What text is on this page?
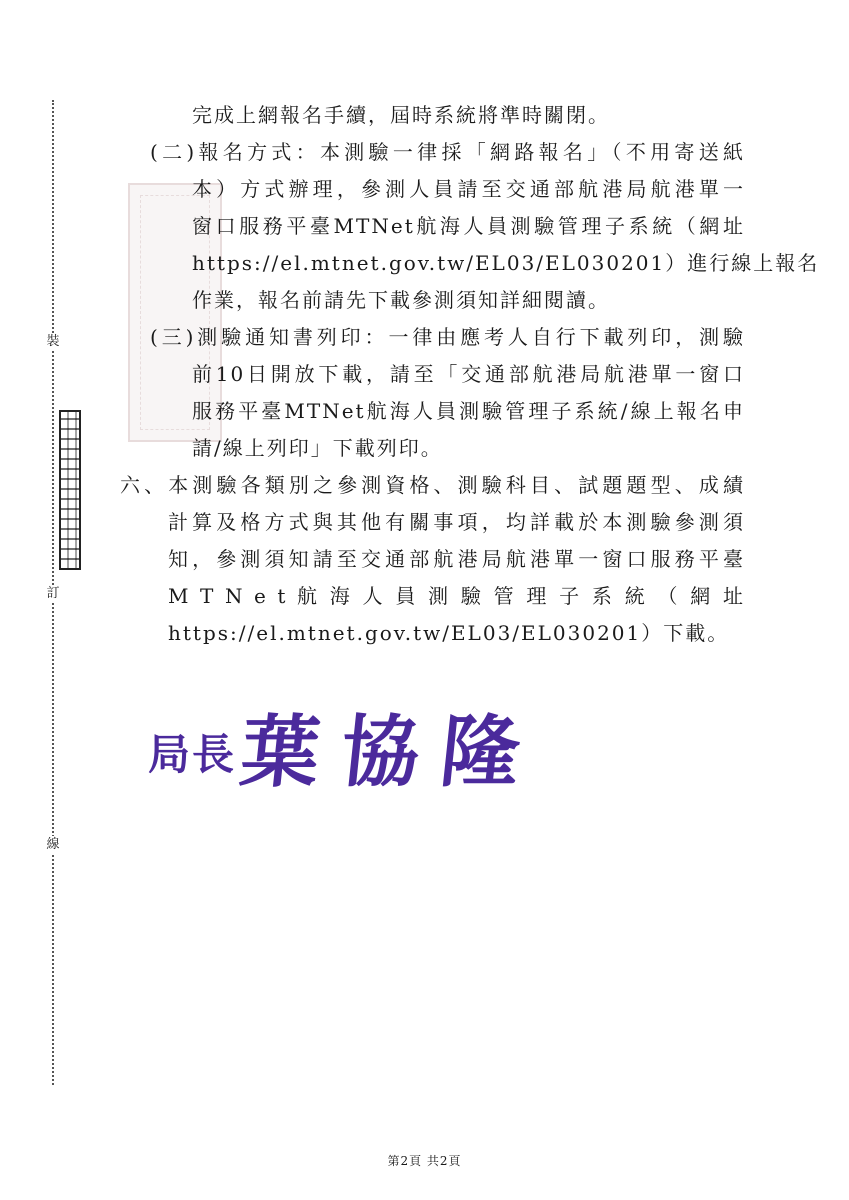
裝
訂
線
完成上網報名手續，屆時系統將準時關閉。
(二)報名方式：本測驗一律採「網路報名」（不用寄送紙
本）方式辦理，參測人員請至交通部航港局航港單一
窗口服務平臺MTNet航海人員測驗管理子系統（網址
https://el.mtnet.gov.tw/EL03/EL030201）進行線上報名
作業，報名前請先下載參測須知詳細閱讀。
(三)測驗通知書列印：一律由應考人自行下載列印，測驗
前10日開放下載，請至「交通部航港局航港單一窗口
服務平臺MTNet航海人員測驗管理子系統/線上報名申
請/線上列印」下載列印。
六、本測驗各類別之參測資格、測驗科目、試題題型、成績
計算及格方式與其他有關事項，均詳載於本測驗參測須
知，參測須知請至交通部航港局航港單一窗口服務平臺
M T N e t 航 海 人 員 測 驗 管 理 子 系 統 （ 網 址
https://el.mtnet.gov.tw/EL03/EL030201）下載。
局長 葉協隆
第2頁 共2頁
